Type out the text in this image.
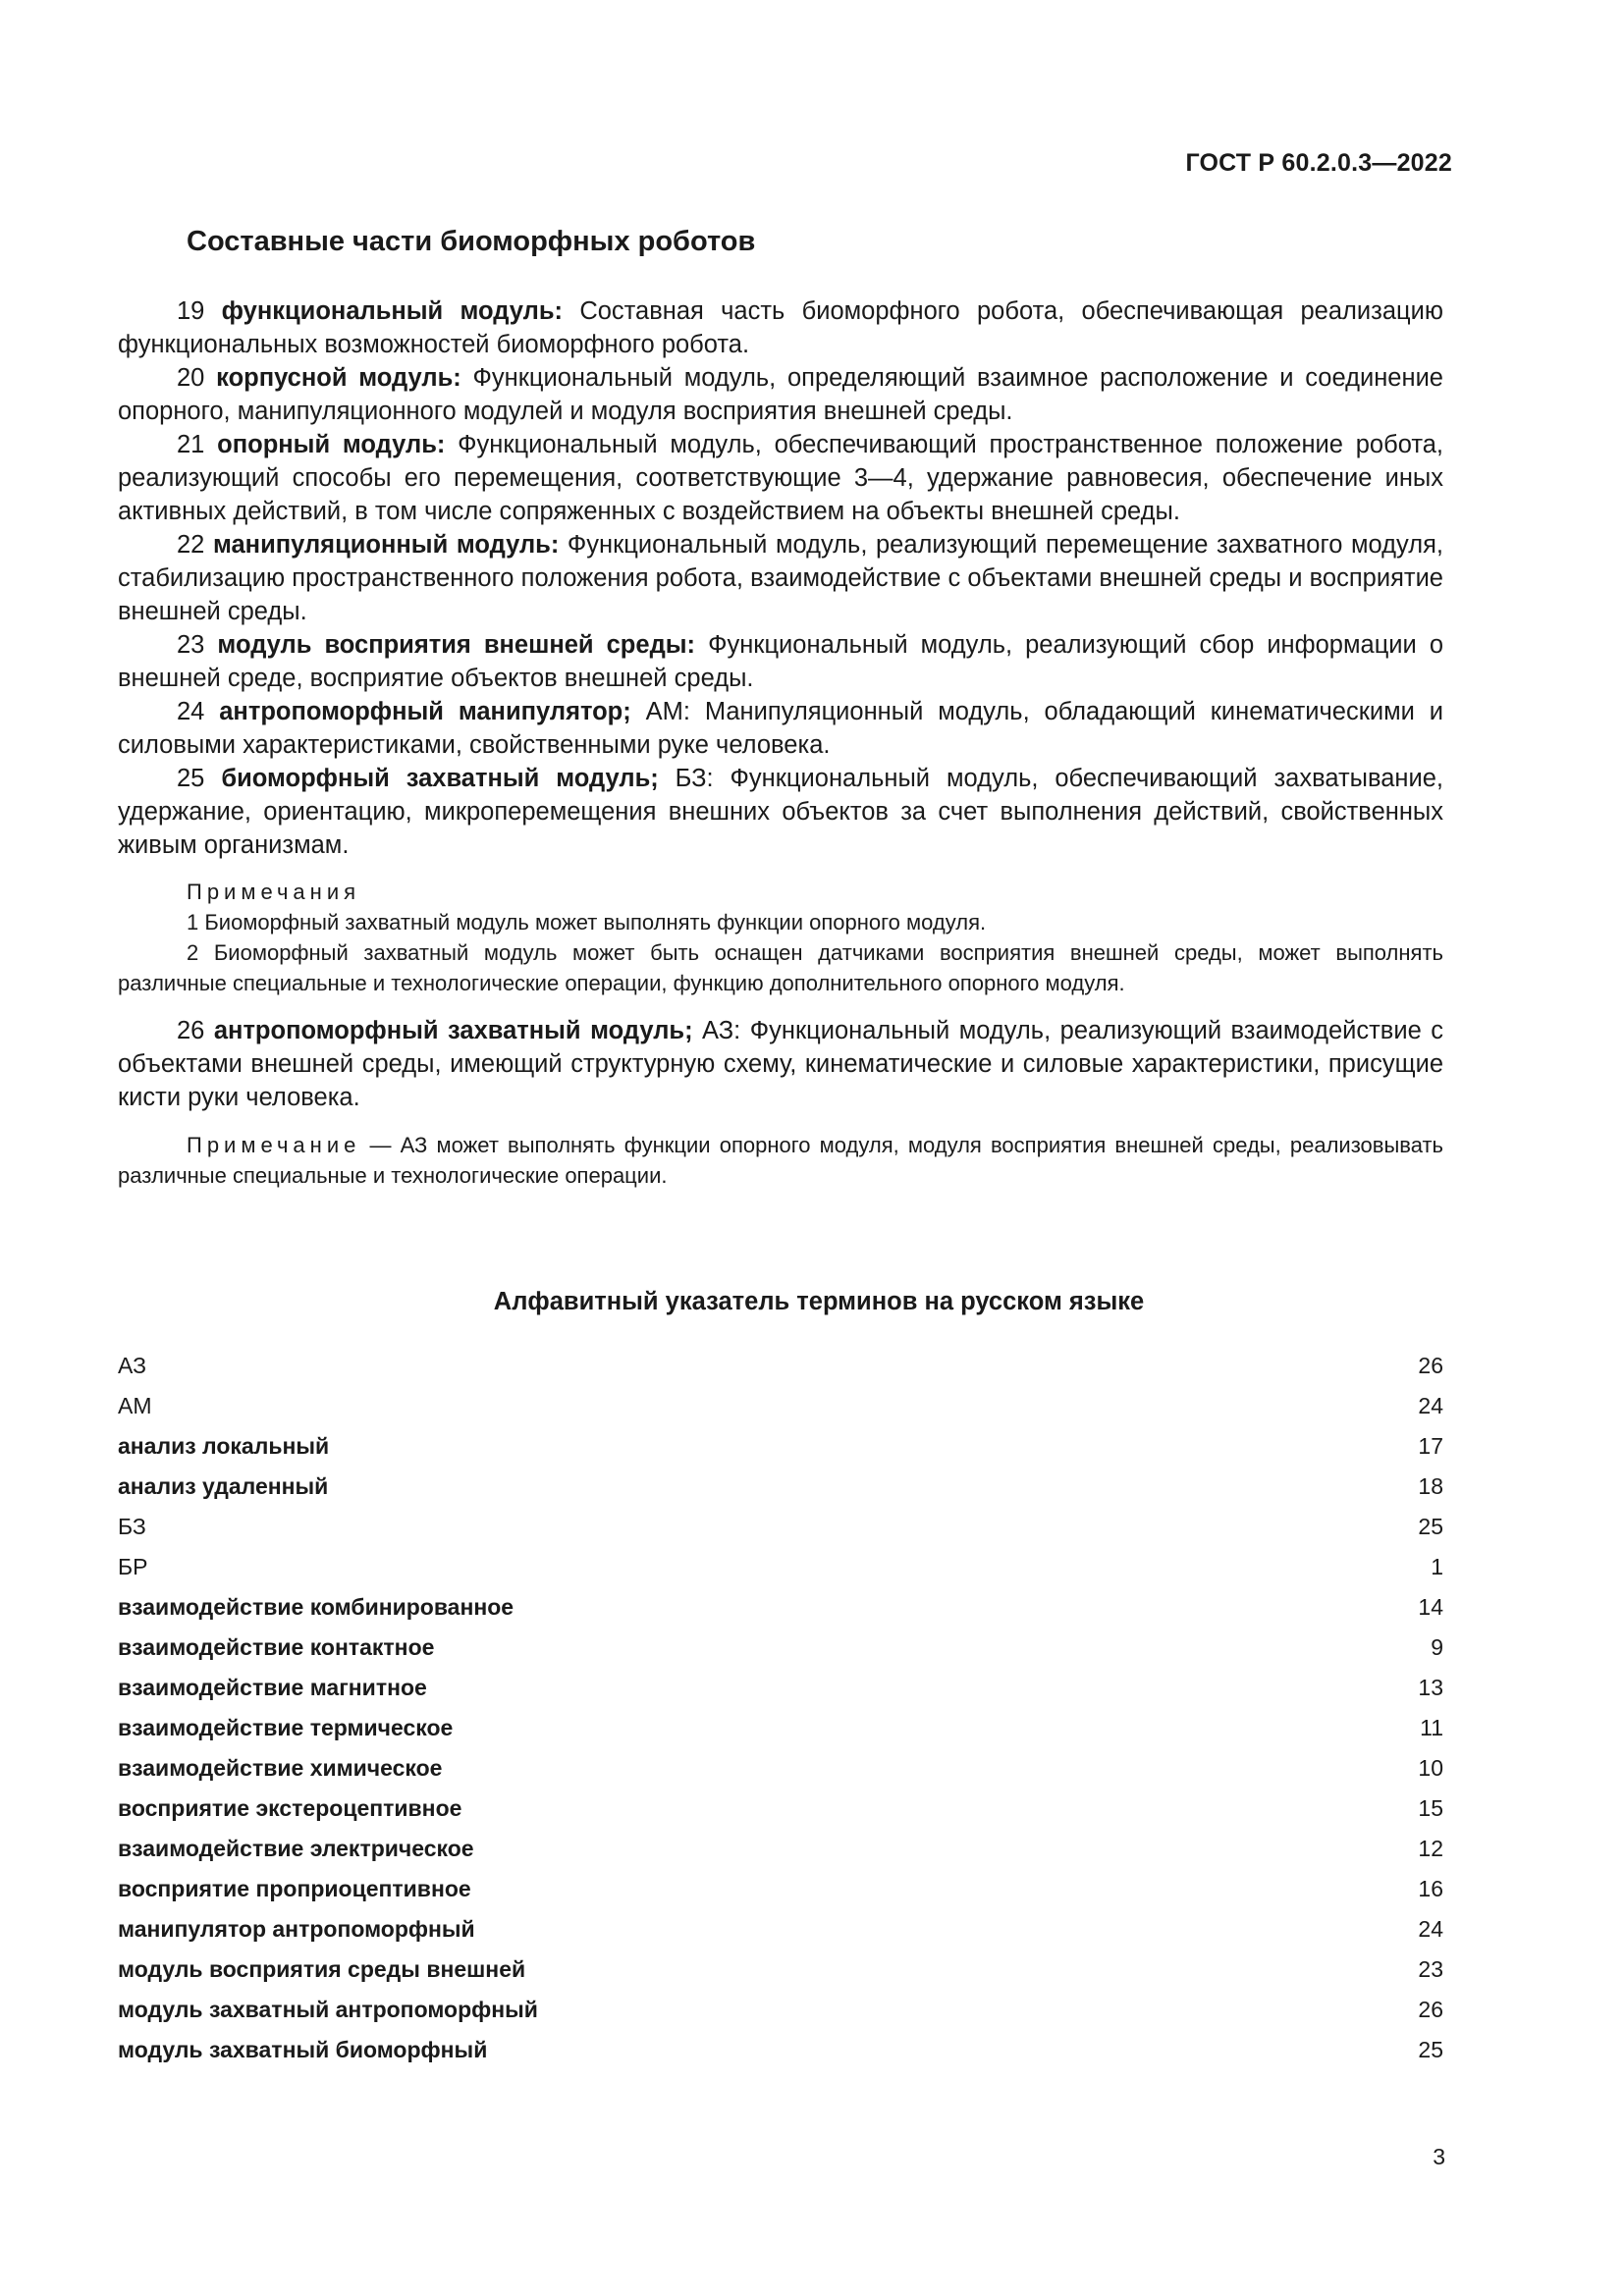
ГОСТ Р 60.2.0.3—2022
Составные части биоморфных роботов

19 функциональный модуль: Составная часть биоморфного робота, обеспечивающая реализацию функциональных возможностей биоморфного робота.

20 корпусной модуль: Функциональный модуль, определяющий взаимное расположение и соединение опорного, манипуляционного модулей и модуля восприятия внешней среды.

21 опорный модуль: Функциональный модуль, обеспечивающий пространственное положение робота, реализующий способы его перемещения, соответствующие 3—4, удержание равновесия, обеспечение иных активных действий, в том числе сопряженных с воздействием на объекты внешней среды.

22 манипуляционный модуль: Функциональный модуль, реализующий перемещение захватного модуля, стабилизацию пространственного положения робота, взаимодействие с объектами внешней среды и восприятие внешней среды.

23 модуль восприятия внешней среды: Функциональный модуль, реализующий сбор информации о внешней среде, восприятие объектов внешней среды.

24 антропоморфный манипулятор; АМ: Манипуляционный модуль, обладающий кинематическими и силовыми характеристиками, свойственными руке человека.

25 биоморфный захватный модуль; БЗ: Функциональный модуль, обеспечивающий захватывание, удержание, ориентацию, микроперемещения внешних объектов за счет выполнения действий, свойственных живым организмам.

Примечания

1 Биоморфный захватный модуль может выполнять функции опорного модуля.

2 Биоморфный захватный модуль может быть оснащен датчиками восприятия внешней среды, может выполнять различные специальные и технологические операции, функцию дополнительного опорного модуля.

26 антропоморфный захватный модуль; АЗ: Функциональный модуль, реализующий взаимодействие с объектами внешней среды, имеющий структурную схему, кинематические и силовые характеристики, присущие кисти руки человека.

Примечание — АЗ может выполнять функции опорного модуля, модуля восприятия внешней среды, реализовывать различные специальные и технологические операции.

Алфавитный указатель терминов на русском языке
АЗ	26
АМ	24
анализ локальный	17
анализ удаленный	18
БЗ	25
БР	1
взаимодействие комбинированное	14
взаимодействие контактное	9
взаимодействие магнитное	13
взаимодействие термическое	11
взаимодействие химическое	10
восприятие экстероцептивное	15
взаимодействие электрическое	12
восприятие проприоцептивное	16
манипулятор антропоморфный	24
модуль восприятия среды внешней	23
модуль захватный антропоморфный	26
модуль захватный биоморфный	25
3
